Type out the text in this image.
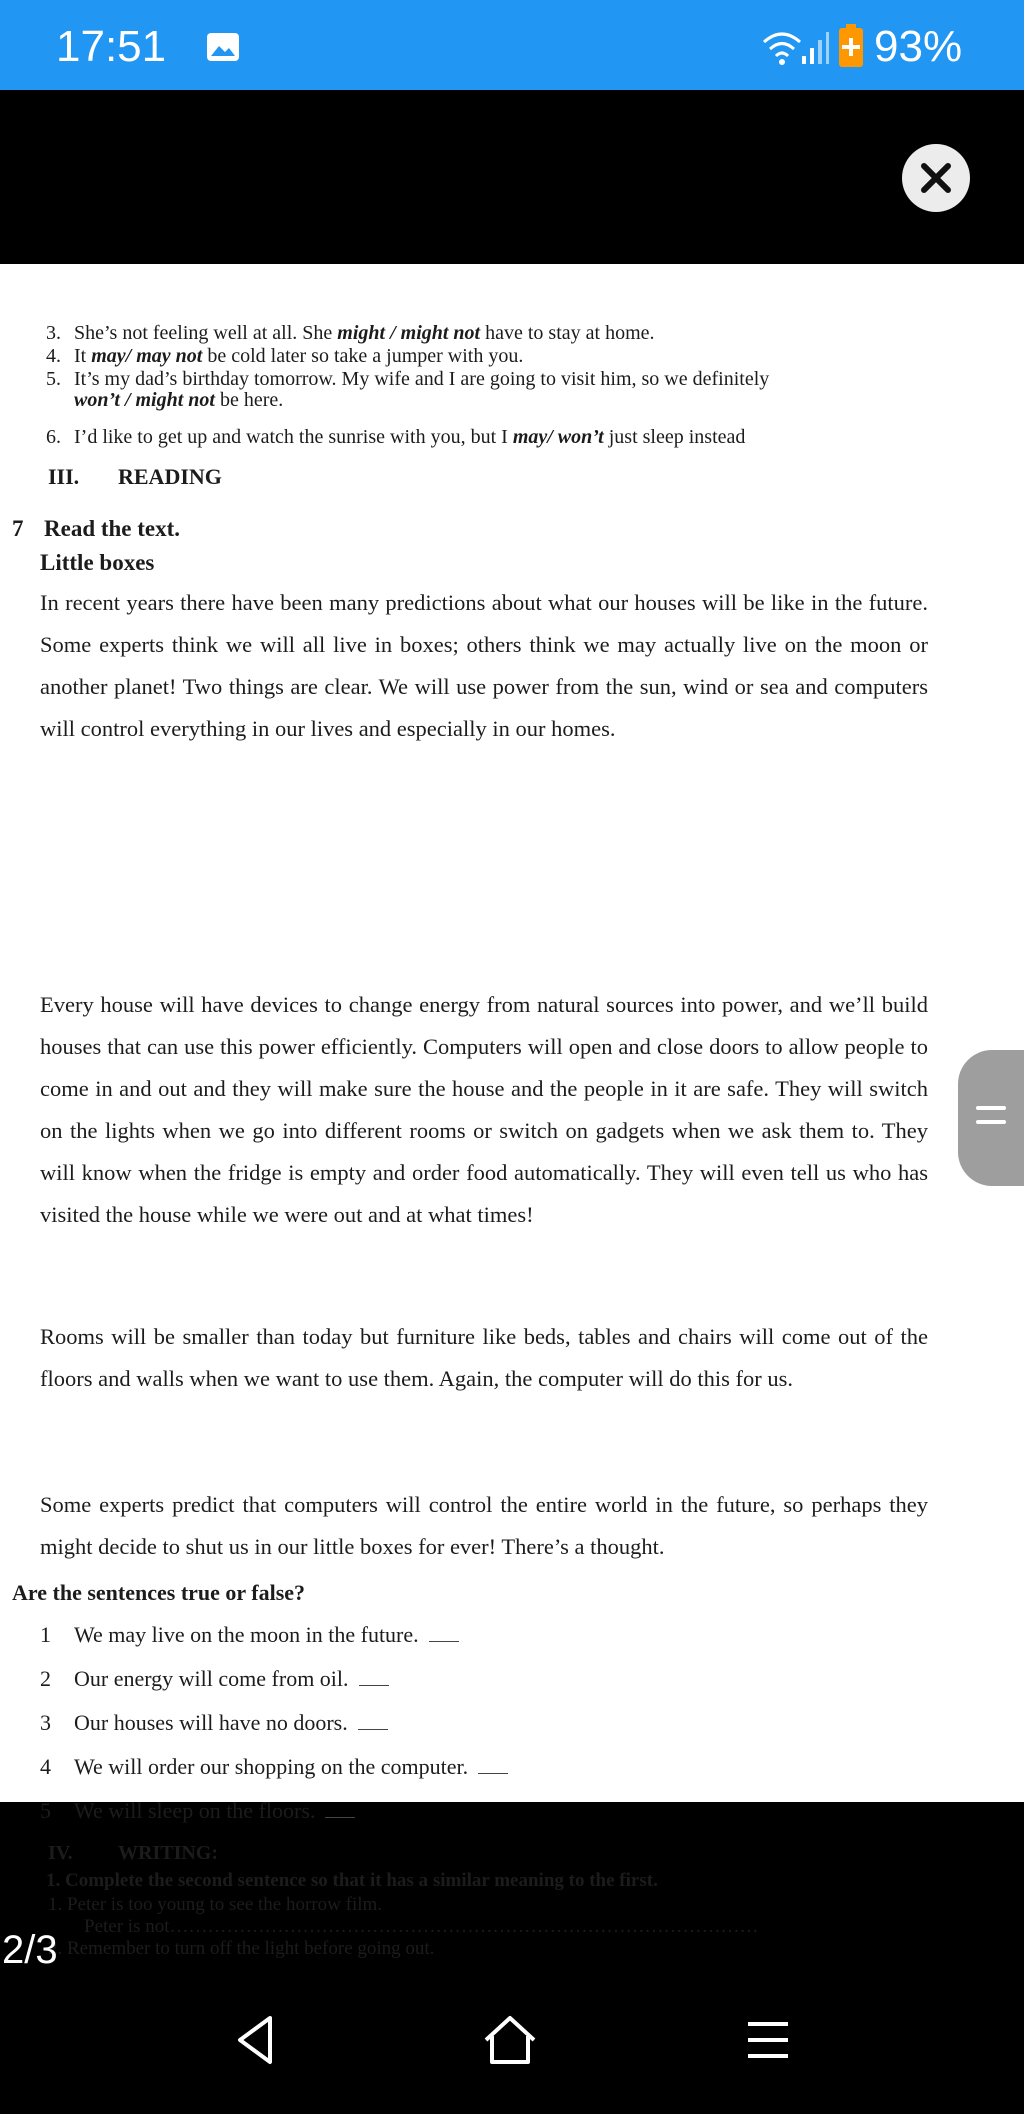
17:51	93%
3. She’s not feeling well at all. She might / might not have to stay at home.
4. It may/ may not be cold later so take a jumper with you.
5. It’s my dad’s birthday tomorrow. My wife and I are going to visit him, so we definitely
won’t / might not be here.
6. I’d like to get up and watch the sunrise with you, but I may/ won’t just sleep instead
III. READING
7 Read the text.
Little boxes
In recent years there have been many predictions about what our houses will be like in the future. Some experts think we will all live in boxes; others think we may actually live on the moon or another planet! Two things are clear. We will use power from the sun, wind or sea and computers will control everything in our lives and especially in our homes.
Every house will have devices to change energy from natural sources into power, and we’ll build houses that can use this power efficiently. Computers will open and close doors to allow people to come in and out and they will make sure the house and the people in it are safe. They will switch on the lights when we go into different rooms or switch on gadgets when we ask them to. They will know when the fridge is empty and order food automatically. They will even tell us who has visited the house while we were out and at what times!
Rooms will be smaller than today but furniture like beds, tables and chairs will come out of the floors and walls when we want to use them. Again, the computer will do this for us.
Some experts predict that computers will control the entire world in the future, so perhaps they might decide to shut us in our little boxes for ever! There’s a thought.
Are the sentences true or false?
1 We may live on the moon in the future.
2 Our energy will come from oil.
3 Our houses will have no doors.
4 We will order our shopping on the computer.
5 We will sleep on the floors.
IV. WRITING:
1. Complete the second sentence so that it has a similar meaning to the first.
1. Peter is too young to see the horrow film.
Peter is not…………………………………………………………………………………
2. Remember to turn off the light before going out.
2/3
